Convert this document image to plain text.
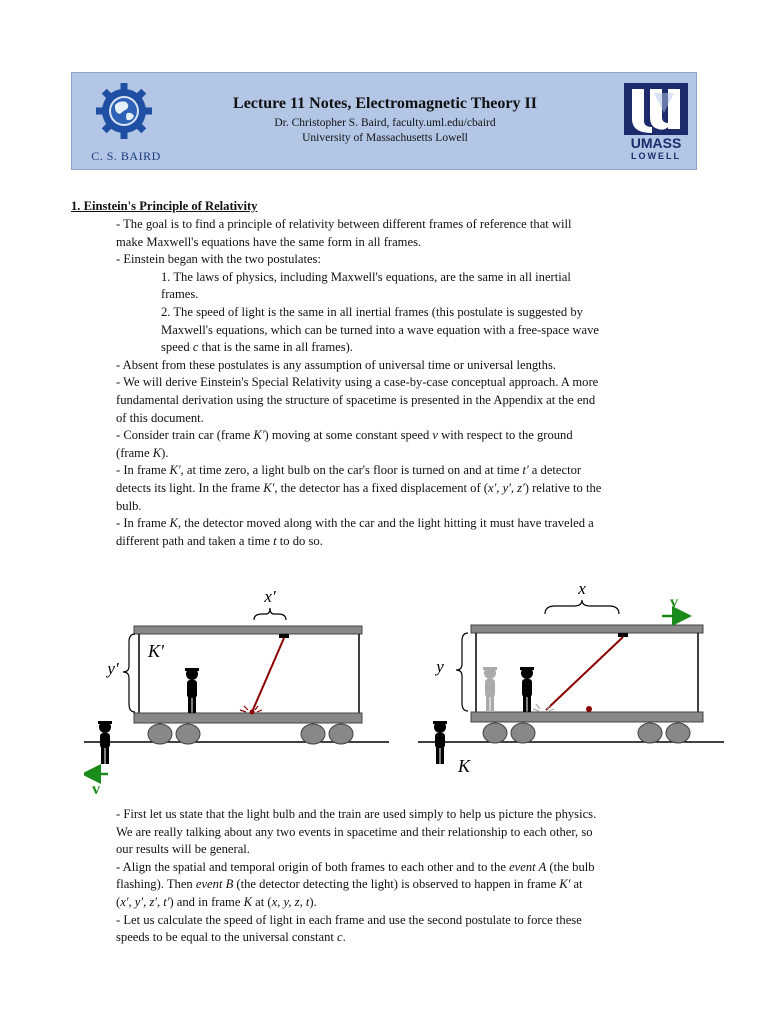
C. S. BAIRD
Lecture 11 Notes, Electromagnetic Theory II
Dr. Christopher S. Baird, faculty.uml.edu/cbaird
University of Massachusetts Lowell	UMASS
LOWELL
1. Einstein's Principle of Relativity
- The goal is to find a principle of relativity between different frames of reference that will
make Maxwell's equations have the same form in all frames.
- Einstein began with the two postulates:

1. The laws of physics, including Maxwell's equations, are the same in all inertial
frames.
2. The speed of light is the same in all inertial frames (this postulate is suggested by
Maxwell's equations, which can be turned into a wave equation with a free-space wave
speed c that is the same in all frames).
- Absent from these postulates is any assumption of universal time or universal lengths.
- We will derive Einstein's Special Relativity using a case-by-case conceptual approach. A more
fundamental derivation using the structure of spacetime is presented in the Appendix at the end
of this document.
- Consider train car (frame K') moving at some constant speed v with respect to the ground
(frame K).
- In frame K', at time zero, a light bulb on the car's floor is turned on and at time t' a detector
detects its light. In the frame K', the detector has a fixed displacement of (x', y', z') relative to the
bulb.
- In frame K, the detector moved along with the car and the light hitting it must have traveled a
different path and taken a time t to do so.
x'
y'
K'
v
x
y
K
v
- First let us state that the light bulb and the train are used simply to help us picture the physics.
We are really talking about any two events in spacetime and their relationship to each other, so
our results will be general.
- Align the spatial and temporal origin of both frames to each other and to the event A (the bulb
flashing). Then event B (the detector detecting the light) is observed to happen in frame K' at
(x', y', z', t') and in frame K at (x, y, z, t).
- Let us calculate the speed of light in each frame and use the second postulate to force these
speeds to be equal to the universal constant c.
